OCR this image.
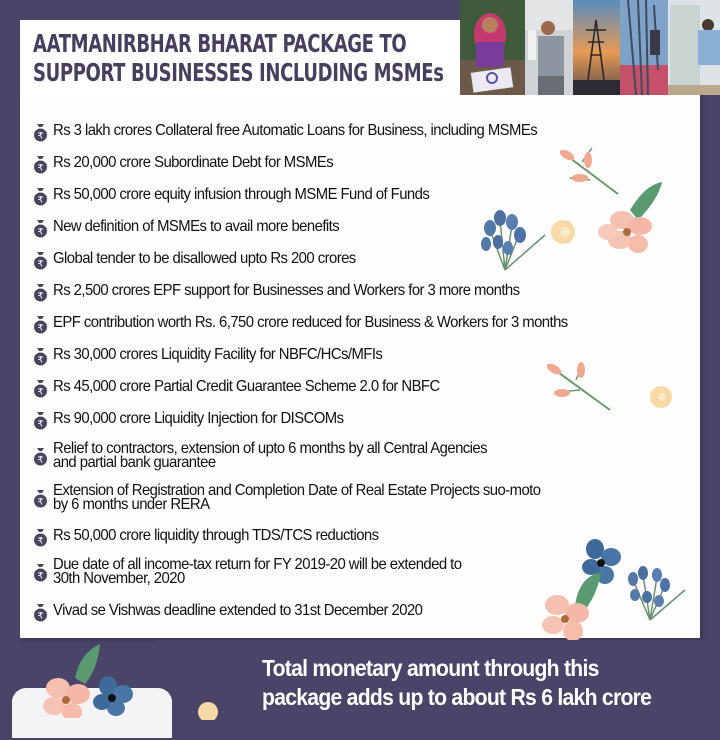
AATMANIRBHAR BHARAT PACKAGE TO
SUPPORT BUSINESSES INCLUDING MSMEs
₹ Rs 3 lakh crores Collateral free Automatic Loans for Business, including MSMEs
₹ Rs 20,000 crore Subordinate Debt for MSMEs
₹ Rs 50,000 crore equity infusion through MSME Fund of Funds
₹ New definition of MSMEs to avail more benefits
₹ Global tender to be disallowed upto Rs 200 crores
₹ Rs 2,500 crores EPF support for Businesses and Workers for 3 more months
₹ EPF contribution worth Rs. 6,750 crore reduced for Business & Workers for 3 months
₹ Rs 30,000 crores Liquidity Facility for NBFC/HCs/MFIs
₹ Rs 45,000 crore Partial Credit Guarantee Scheme 2.0 for NBFC
₹ Rs 90,000 crore Liquidity Injection for DISCOMs
₹
Relief to contractors, extension of upto 6 months by all Central Agencies
and partial bank guarantee
₹
Extension of Registration and Completion Date of Real Estate Projects suo-moto
by 6 months under RERA
₹ Rs 50,000 crore liquidity through TDS/TCS reductions
₹
Due date of all income-tax return for FY 2019-20 will be extended to
30th November, 2020
₹ Vivad se Vishwas deadline extended to 31st December 2020

Total monetary amount through this
package adds up to about Rs 6 lakh crore
